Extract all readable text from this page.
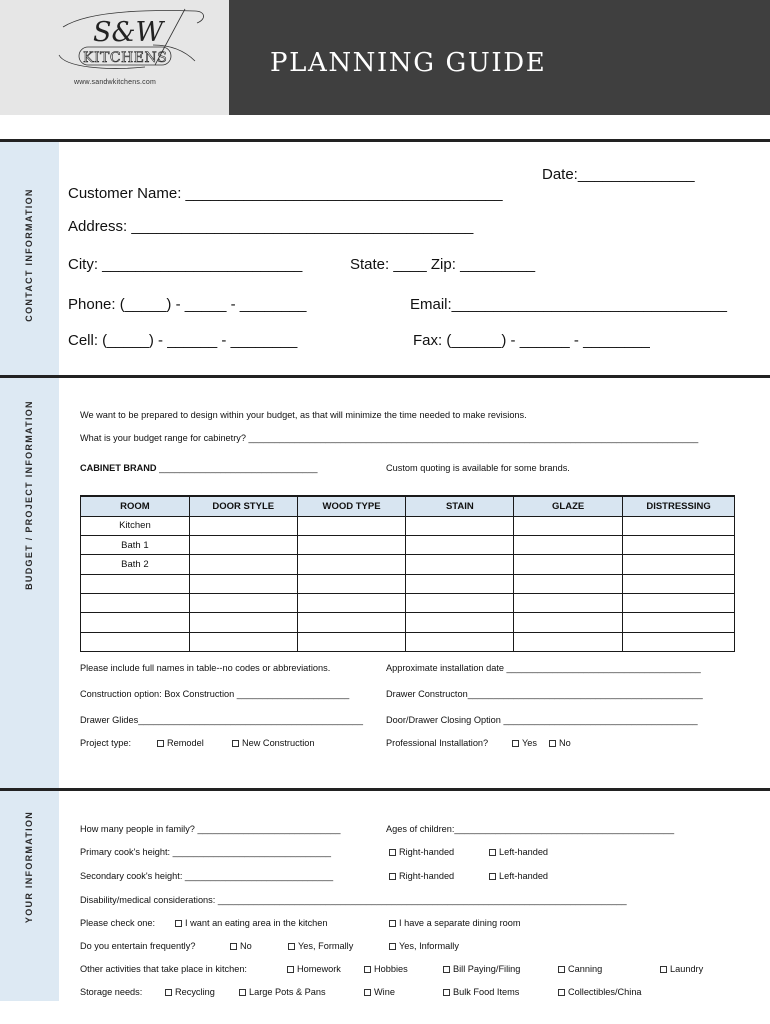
PLANNING GUIDE
S&W
KITCHENS
www.sandwkitchens.com
CONTACT INFORMATION
Date:______________
Customer Name: ______________________________________
Address: _________________________________________
City: ________________________	State: ____ Zip: _________
Phone: (_____) - _____ - ________	Email:_________________________________
Cell: (_____) - ______ - ________	Fax: (______) - ______ - ________
BUDGET / PROJECT INFORMATION	We want to be prepared to design within your budget, as that will minimize the time needed to make revisions.
What is your budget range for cabinetry? ________________________________________________________________________________________
CABINET BRAND _______________________________	Custom quoting is available for some brands.
ROOM	DOOR STYLE	WOOD TYPE	STAIN	GLAZE	DISTRESSING
Kitchen					
Bath 1					
Bath 2					

Please include full names in table--no codes or abbreviations.	Approximate installation date ______________________________________
Construction option: Box Construction ______________________	Drawer Constructon______________________________________________
Drawer Glides____________________________________________ Door/Drawer Closing Option ______________________________________
Project type:	Remodel	New Construction	Professional Installation?	Yes	No
YOUR INFORMATION	How many people in family? ____________________________	Ages of children:___________________________________________
Primary cook's height: _______________________________	Right-handed	Left-handed
Secondary cook's height: _____________________________	Right-handed	Left-handed
Disability/medical considerations: ________________________________________________________________________________
Please check one:	I want an eating area in the kitchen	I have a separate dining room
Do you entertain frequently?	No	Yes, Formally	Yes, Informally
Other activities that take place in kitchen:	Homework	Hobbies	Bill Paying/Filing	Canning	Laundry
Storage needs:	Recycling	Large Pots & Pans	Wine	Bulk Food Items	Collectibles/China
